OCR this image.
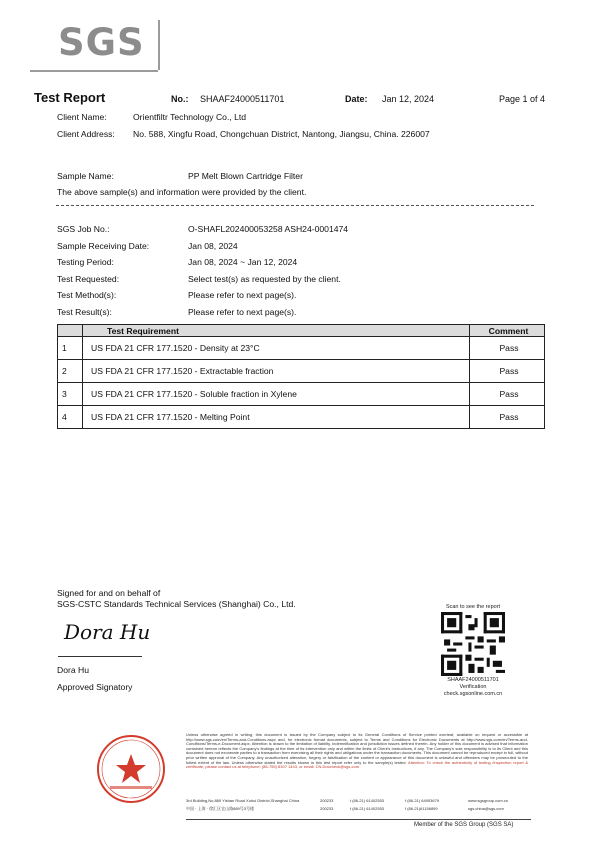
SGS
Test Report	No.: SHAAF24000511701	Date: Jan 12, 2024	Page 1 of 4
Client Name:	Orientfiltr Technology Co., Ltd
Client Address: No. 588, Xingfu Road, Chongchuan District, Nantong, Jiangsu, China. 226007
Sample Name:	PP Melt Blown Cartridge Filter
The above sample(s) and information were provided by the client.
SGS Job No.:	O-SHAFL202400053258 ASH24-0001474
Sample Receiving Date:	Jan 08, 2024
Testing Period:	Jan 08, 2024 ~ Jan 12, 2024
Test Requested:	Select test(s) as requested by the client.
Test Method(s):	Please refer to next page(s).
Test Result(s):	Please refer to next page(s).
	Test Requirement	Comment
1	US FDA 21 CFR 177.1520 - Density at 23°C	Pass
2	US FDA 21 CFR 177.1520 - Extractable fraction	Pass
3	US FDA 21 CFR 177.1520 - Soluble fraction in Xylene	Pass
4	US FDA 21 CFR 177.1520 - Melting Point	Pass
Signed for and on behalf of
SGS-CSTC Standards Technical Services (Shanghai) Co., Ltd.
Dora Hu
Dora Hu
Approved Signatory
Scan to see the report
SHAAF24000511701
Verification
check.sgsonline.com.cn
Unless otherwise agreed in writing, this document is issued by the Company subject to its General Conditions of Service printed overleaf, available on request or accessible at http://www.sgs.com/en/Terms-and-Conditions.aspx and, for electronic format documents, subject to Terms and Conditions for Electronic Documents at http://www.sgs.com/en/Terms-and-Conditions/Terms-e-Document.aspx. Attention is drawn to the limitation of liability, indemnification and jurisdiction issues defined therein. Any holder of this document is advised that information contained hereon reflects the Company's findings at the time of its intervention only and within the limits of Client's instructions, if any. The Company's sole responsibility is to its Client and this document does not exonerate parties to a transaction from exercising all their rights and obligations under the transaction documents. This document cannot be reproduced except in full, without prior written approval of the Company. Any unauthorized alteration, forgery or falsification of the content or appearance of this document is unlawful and offenders may be prosecuted to the fullest extent of the law. Unless otherwise stated the results shown in this test report refer only to the sample(s) tested. Attention: To check the authenticity of testing /inspection report & certificate, please contact us at telephone: (86-755) 8307 1443, or email: CN.Doccheck@sgs.com
3rd Building,No.889 Yishan Road Xuhui District,Shanghai China	200233	t (86-21) 61402553	f (86-21) 64953679	www.sgsgroup.com.cn
中国 · 上海 · 徐汇区宜山路889号3号楼	200233	t (86-21) 61402553	f (86-21)61156899	sgs.china@sgs.com
Member of the SGS Group (SGS SA)
